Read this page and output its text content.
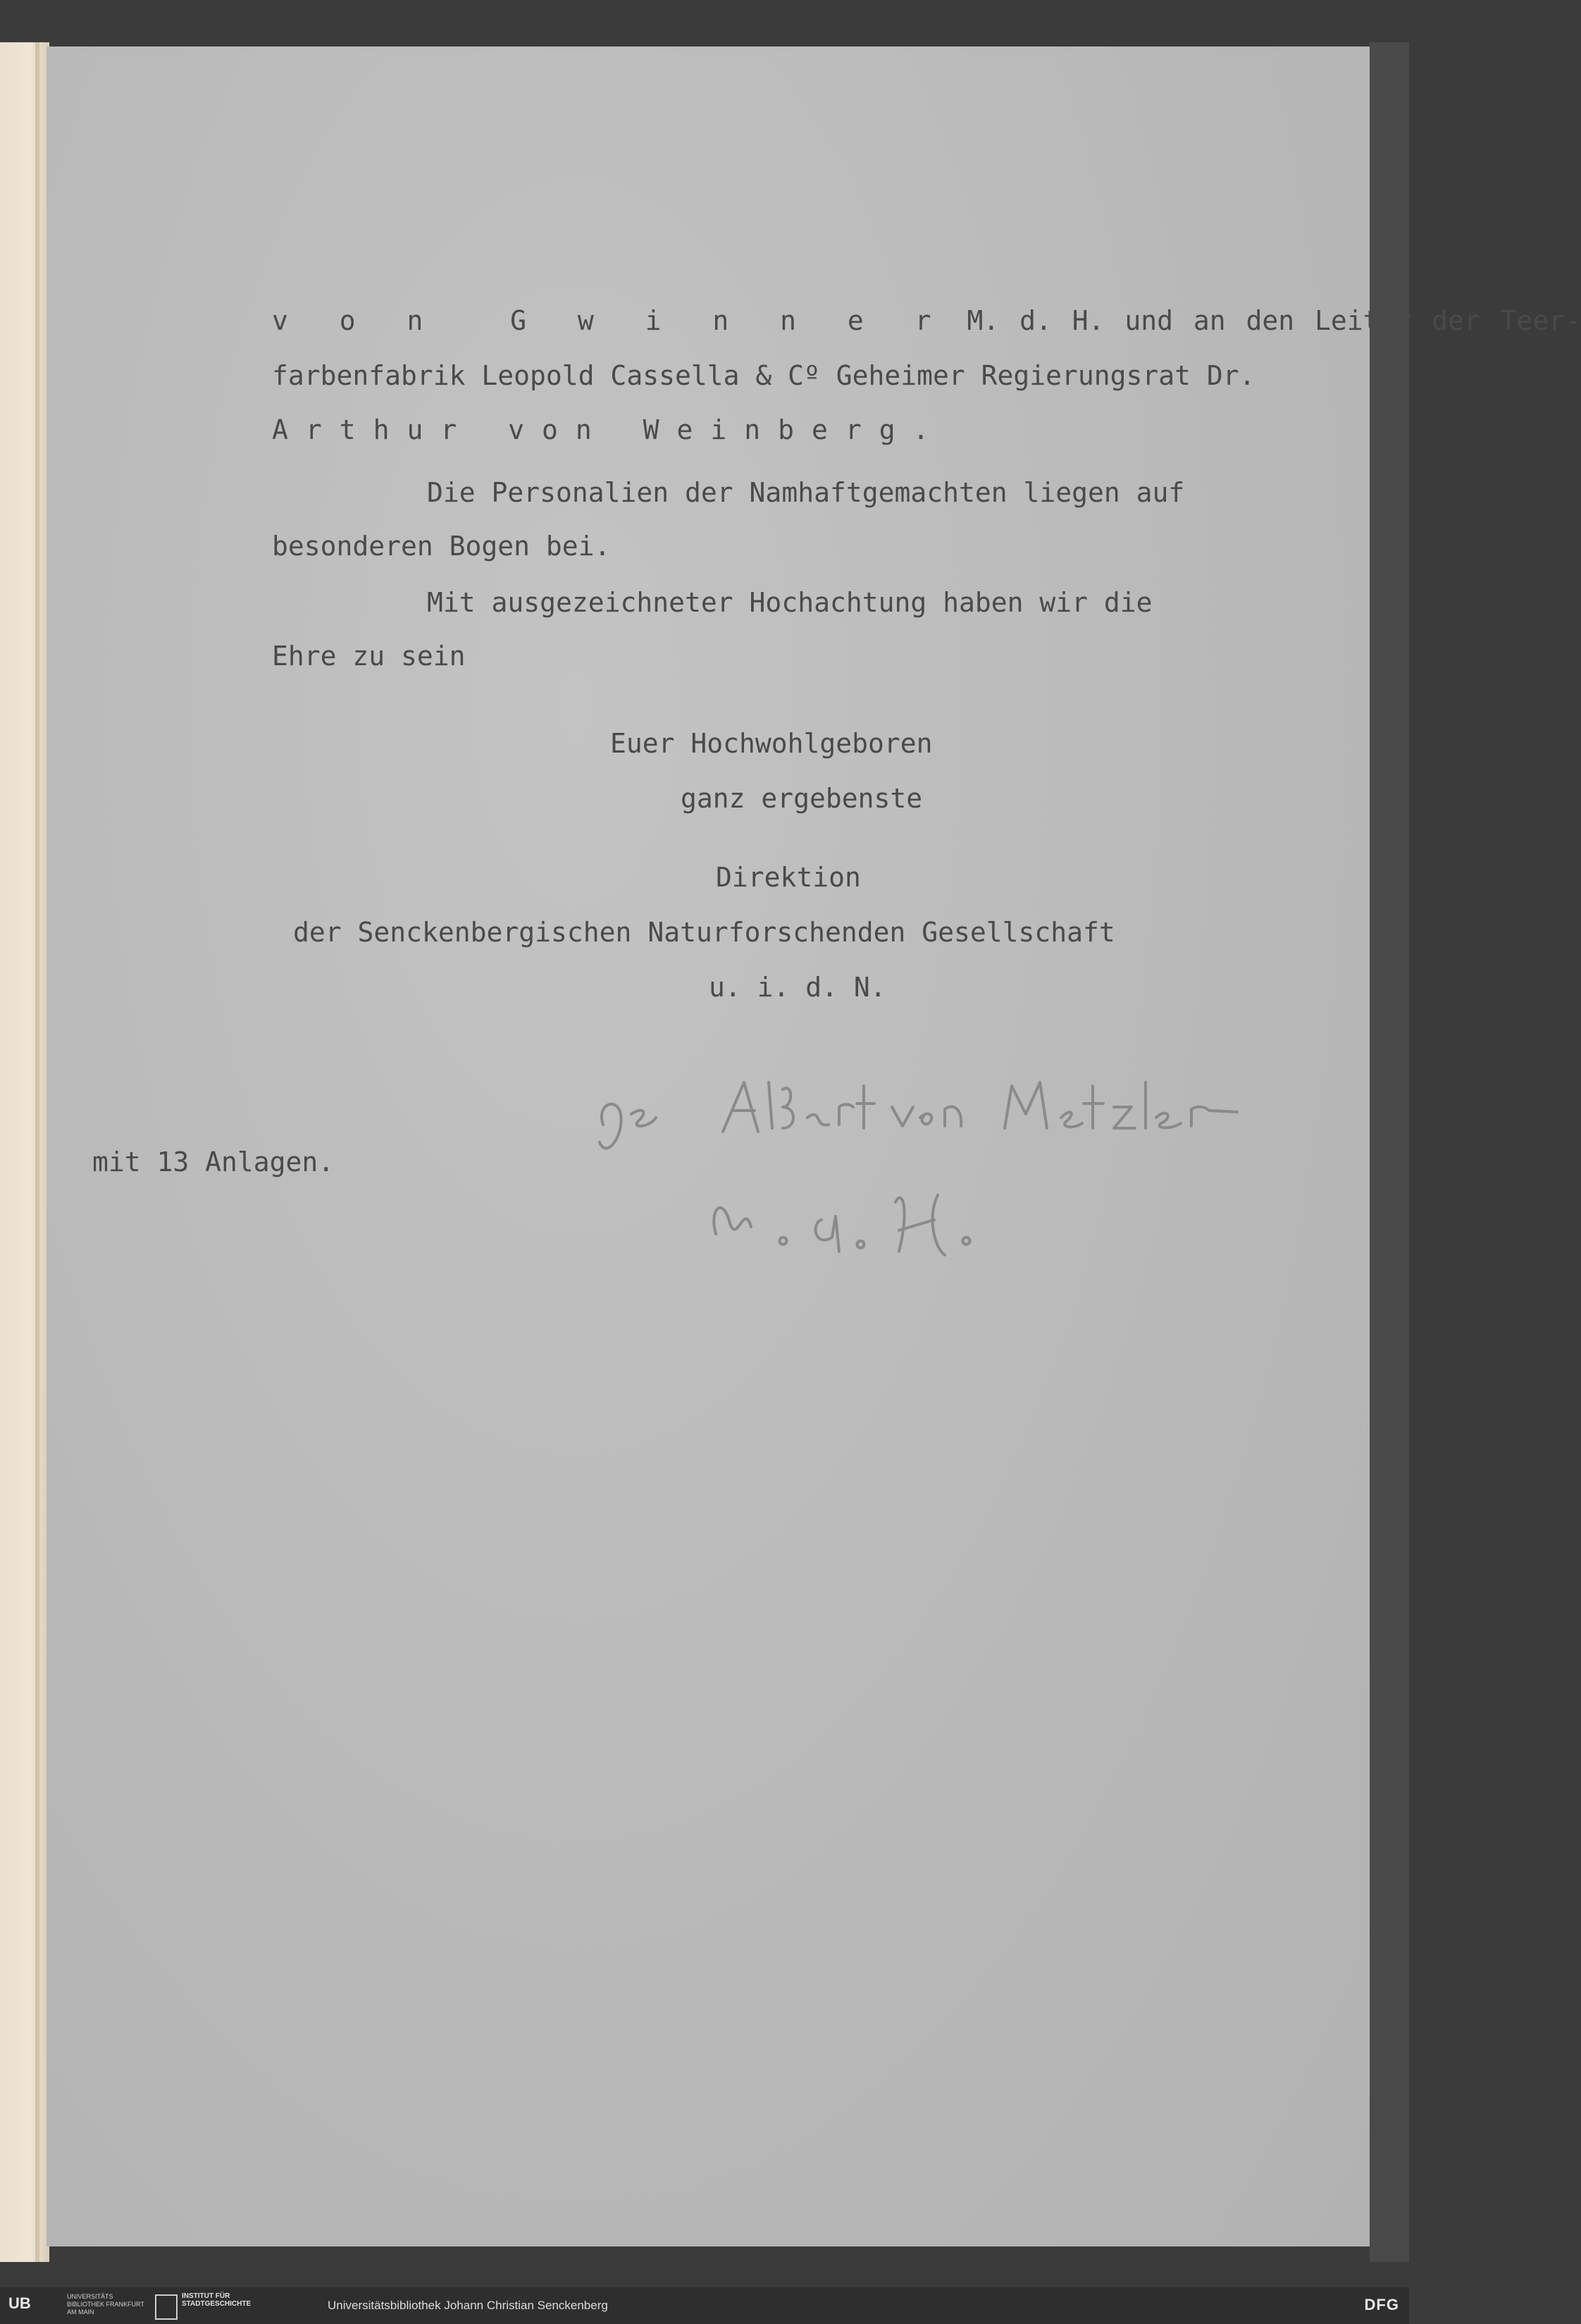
v o n  G w i n n e r M. d. H. und an den Leiter der Teer-
farbenfabrik Leopold Cassella & Cº Geheimer Regierungsrat Dr.
Arthur von Weinberg.
Die Personalien der Namhaftgemachten liegen auf
besonderen Bogen bei.
Mit ausgezeichneter Hochachtung haben wir die
Ehre zu sein
Euer Hochwohlgeboren
ganz ergebenste
Direktion
der Senckenbergischen Naturforschenden Gesellschaft
u. i. d. N.
mit 13 Anlagen.
UB	UNIVERSITÄTS BIBLIOTHEK FRANKFURT AM MAIN
INSTITUT FÜR STADTGESCHICHTE	Universitätsbibliothek Johann Christian Senckenberg	DFG
